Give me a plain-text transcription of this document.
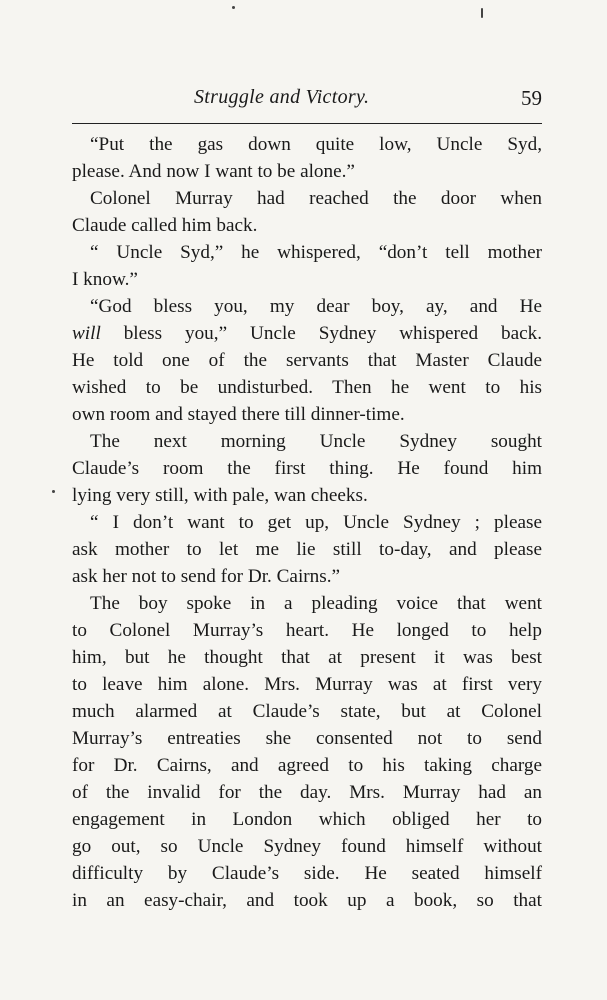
Struggle and Victory.	59
“Put the gas down quite low, Uncle Syd,
please. And now I want to be alone.”
Colonel Murray had reached the door when
Claude called him back.
“ Uncle Syd,” he whispered, “don’t tell mother
I know.”
“God bless you, my dear boy, ay, and He
will bless you,” Uncle Sydney whispered back.
He told one of the servants that Master Claude
wished to be undisturbed. Then he went to his
own room and stayed there till dinner-time.
The next morning Uncle Sydney sought
Claude’s room the first thing. He found him
lying very still, with pale, wan cheeks.
“ I don’t want to get up, Uncle Sydney ; please
ask mother to let me lie still to-day, and please
ask her not to send for Dr. Cairns.”
The boy spoke in a pleading voice that went
to Colonel Murray’s heart. He longed to help
him, but he thought that at present it was best
to leave him alone. Mrs. Murray was at first very
much alarmed at Claude’s state, but at Colonel
Murray’s entreaties she consented not to send
for Dr. Cairns, and agreed to his taking charge
of the invalid for the day. Mrs. Murray had an
engagement in London which obliged her to
go out, so Uncle Sydney found himself without
difficulty by Claude’s side. He seated himself
in an easy-chair, and took up a book, so that
